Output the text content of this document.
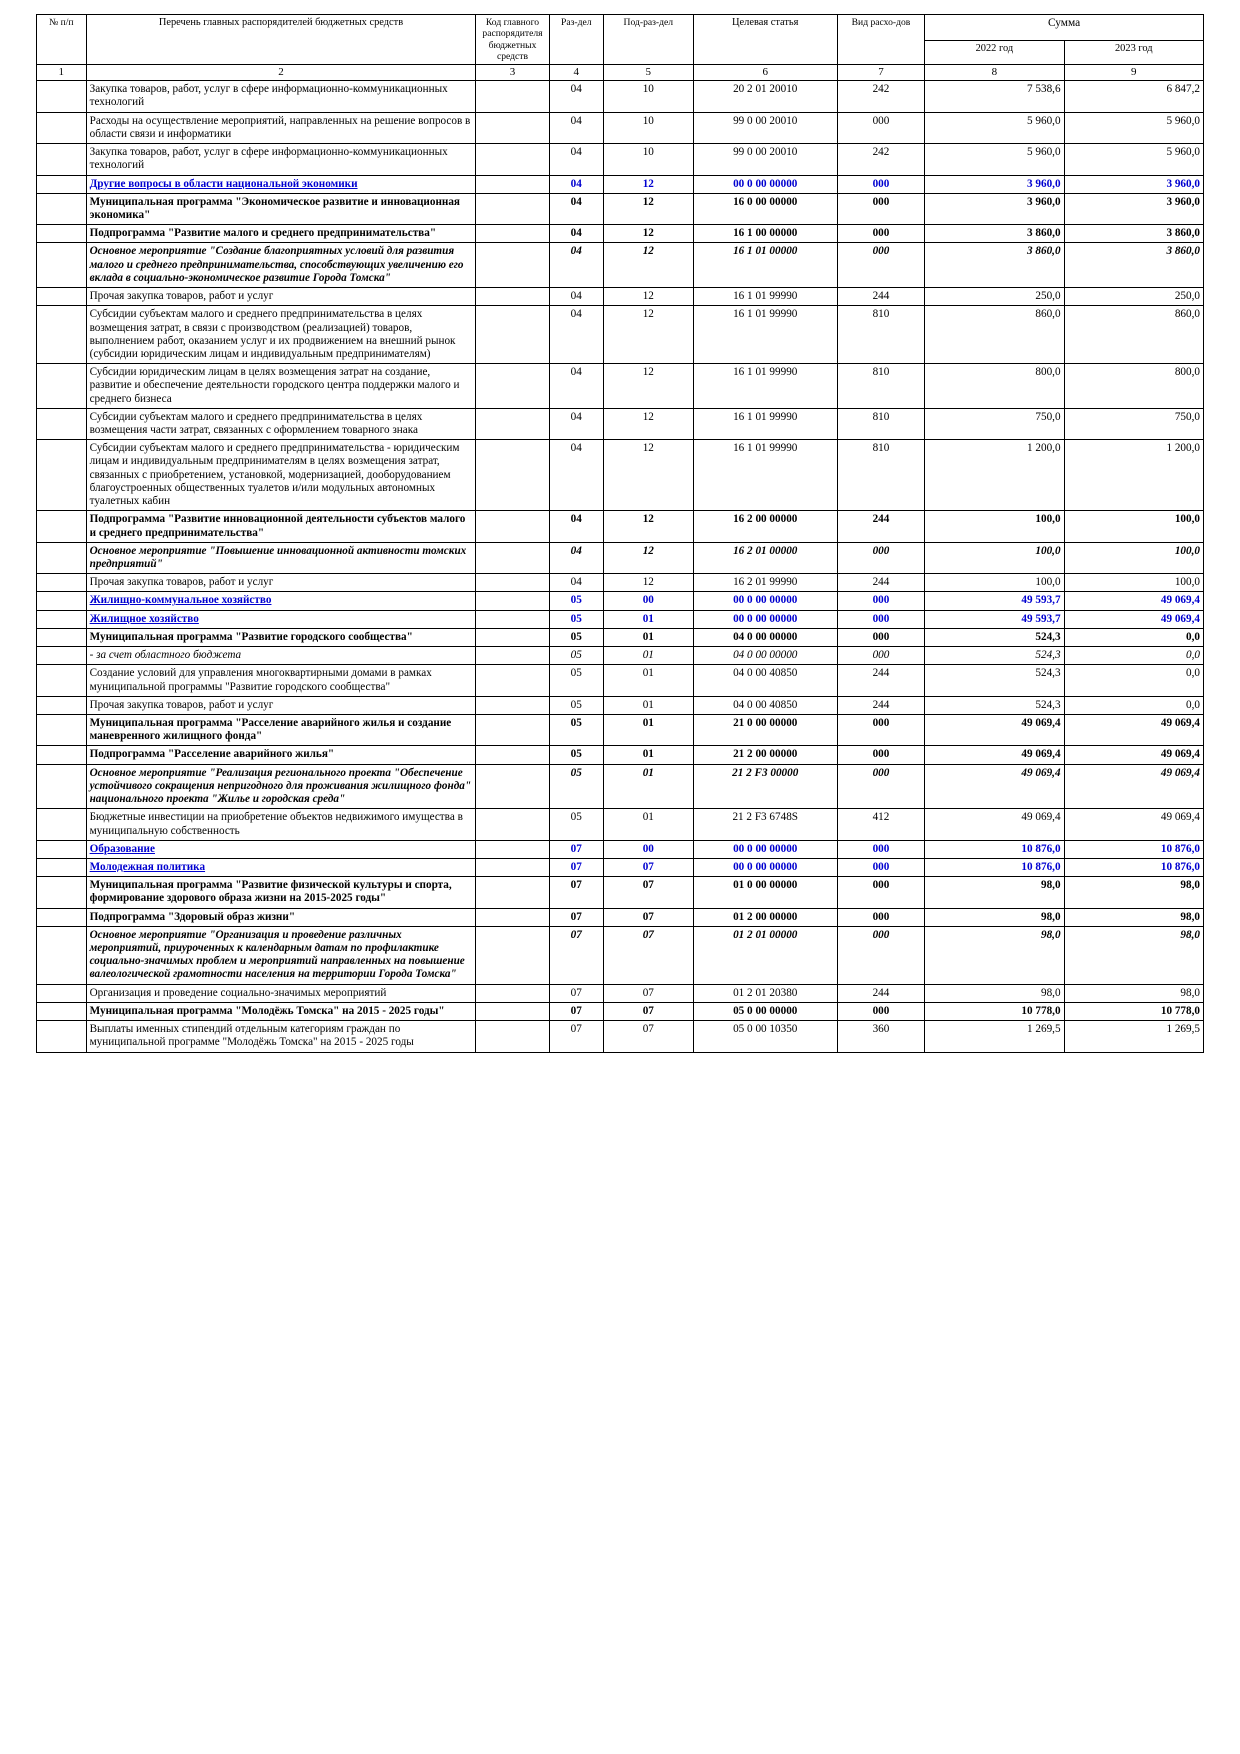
№ п/п	Перечень главных распорядителей бюджетных средств	Код главного распорядителя бюджетных средств	Раз-дел	Под-раз-дел	Целевая статья	Вид расхо-дов	Сумма	
							2022 год	2023 год
1	2	3	4	5	6	7	8	9
	Закупка товаров, работ, услуг в сфере информационно-коммуникационных технологий		04	10	20 2 01 20010	242	7 538,6	6 847,2
	Расходы на осуществление мероприятий, направленных на решение вопросов в области связи и информатики		04	10	99 0 00 20010	000	5 960,0	5 960,0
	Закупка товаров, работ, услуг в сфере информационно-коммуникационных технологий		04	10	99 0 00 20010	242	5 960,0	5 960,0
	Другие вопросы в области национальной экономики		04	12	00 0 00 00000	000	3 960,0	3 960,0
	Муниципальная программа "Экономическое развитие и инновационная экономика"		04	12	16 0 00 00000	000	3 960,0	3 960,0
	Подпрограмма "Развитие малого и среднего предпринимательства"		04	12	16 1 00 00000	000	3 860,0	3 860,0
	Основное мероприятие "Создание благоприятных условий для развития малого и среднего предпринимательства, способствующих увеличению его вклада в социально-экономическое развитие Города Томска"		04	12	16 1 01 00000	000	3 860,0	3 860,0
	Прочая закупка товаров, работ и услуг		04	12	16 1 01 99990	244	250,0	250,0
	Субсидии субъектам малого и среднего предпринимательства в целях возмещения затрат, в связи с производством (реализацией) товаров, выполнением работ, оказанием услуг и их продвижением на внешний рынок (субсидии юридическим лицам и индивидуальным предпринимателям)		04	12	16 1 01 99990	810	860,0	860,0
	Субсидии юридическим лицам в целях возмещения затрат на создание, развитие и обеспечение деятельности городского центра поддержки малого и среднего бизнеса		04	12	16 1 01 99990	810	800,0	800,0
	Субсидии субъектам малого и среднего предпринимательства в целях возмещения части затрат, связанных с оформлением товарного знака		04	12	16 1 01 99990	810	750,0	750,0
	Субсидии субъектам малого и среднего предпринимательства - юридическим лицам и индивидуальным предпринимателям в целях возмещения затрат, связанных с приобретением, установкой, модернизацией, дооборудованием благоустроенных общественных туалетов и/или модульных автономных туалетных кабин		04	12	16 1 01 99990	810	1 200,0	1 200,0
	Подпрограмма "Развитие инновационной деятельности субъектов малого и среднего предпринимательства"		04	12	16 2 00 00000	244	100,0	100,0
	Основное мероприятие "Повышение инновационной активности томских предприятий"		04	12	16 2 01 00000	000	100,0	100,0
	Прочая закупка товаров, работ и услуг		04	12	16 2 01 99990	244	100,0	100,0
	Жилищно-коммунальное хозяйство		05	00	00 0 00 00000	000	49 593,7	49 069,4
	Жилищное хозяйство		05	01	00 0 00 00000	000	49 593,7	49 069,4
	Муниципальная программа "Развитие городского сообщества"		05	01	04 0 00 00000	000	524,3	0,0
	- за счет областного бюджета		05	01	04 0 00 00000	000	524,3	0,0
	Создание условий для управления многоквартирными домами в рамках муниципальной программы "Развитие городского сообщества"		05	01	04 0 00 40850	244	524,3	0,0
	Прочая закупка товаров, работ и услуг		05	01	04 0 00 40850	244	524,3	0,0
	Муниципальная программа "Расселение аварийного жилья и создание маневренного жилищного фонда"		05	01	21 0 00 00000	000	49 069,4	49 069,4
	Подпрограмма "Расселение аварийного жилья"		05	01	21 2 00 00000	000	49 069,4	49 069,4
	Основное мероприятие "Реализация регионального проекта "Обеспечение устойчивого сокращения непригодного для проживания жилищного фонда" национального проекта "Жилье и городская среда"		05	01	21 2 F3 00000	000	49 069,4	49 069,4
	Бюджетные инвестиции на приобретение объектов недвижимого имущества в муниципальную собственность		05	01	21 2 F3 6748S	412	49 069,4	49 069,4
	Образование		07	00	00 0 00 00000	000	10 876,0	10 876,0
	Молодежная политика		07	07	00 0 00 00000	000	10 876,0	10 876,0
	Муниципальная программа "Развитие физической культуры и спорта, формирование здорового образа жизни на 2015-2025 годы"		07	07	01 0 00 00000	000	98,0	98,0
	Подпрограмма "Здоровый образ жизни"		07	07	01 2 00 00000	000	98,0	98,0
	Основное мероприятие "Организация и проведение различных мероприятий, приуроченных к календарным датам по профилактике социально-значимых проблем и мероприятий направленных на повышение валеологической грамотности населения на территории Города Томска"		07	07	01 2 01 00000	000	98,0	98,0
	Организация и проведение социально-значимых мероприятий		07	07	01 2 01 20380	244	98,0	98,0
	Муниципальная программа "Молодёжь Томска" на 2015 - 2025 годы"		07	07	05 0 00 00000	000	10 778,0	10 778,0
	Выплаты именных стипендий отдельным категориям граждан по муниципальной программе "Молодёжь Томска" на 2015 - 2025 годы		07	07	05 0 00 10350	360	1 269,5	1 269,5
